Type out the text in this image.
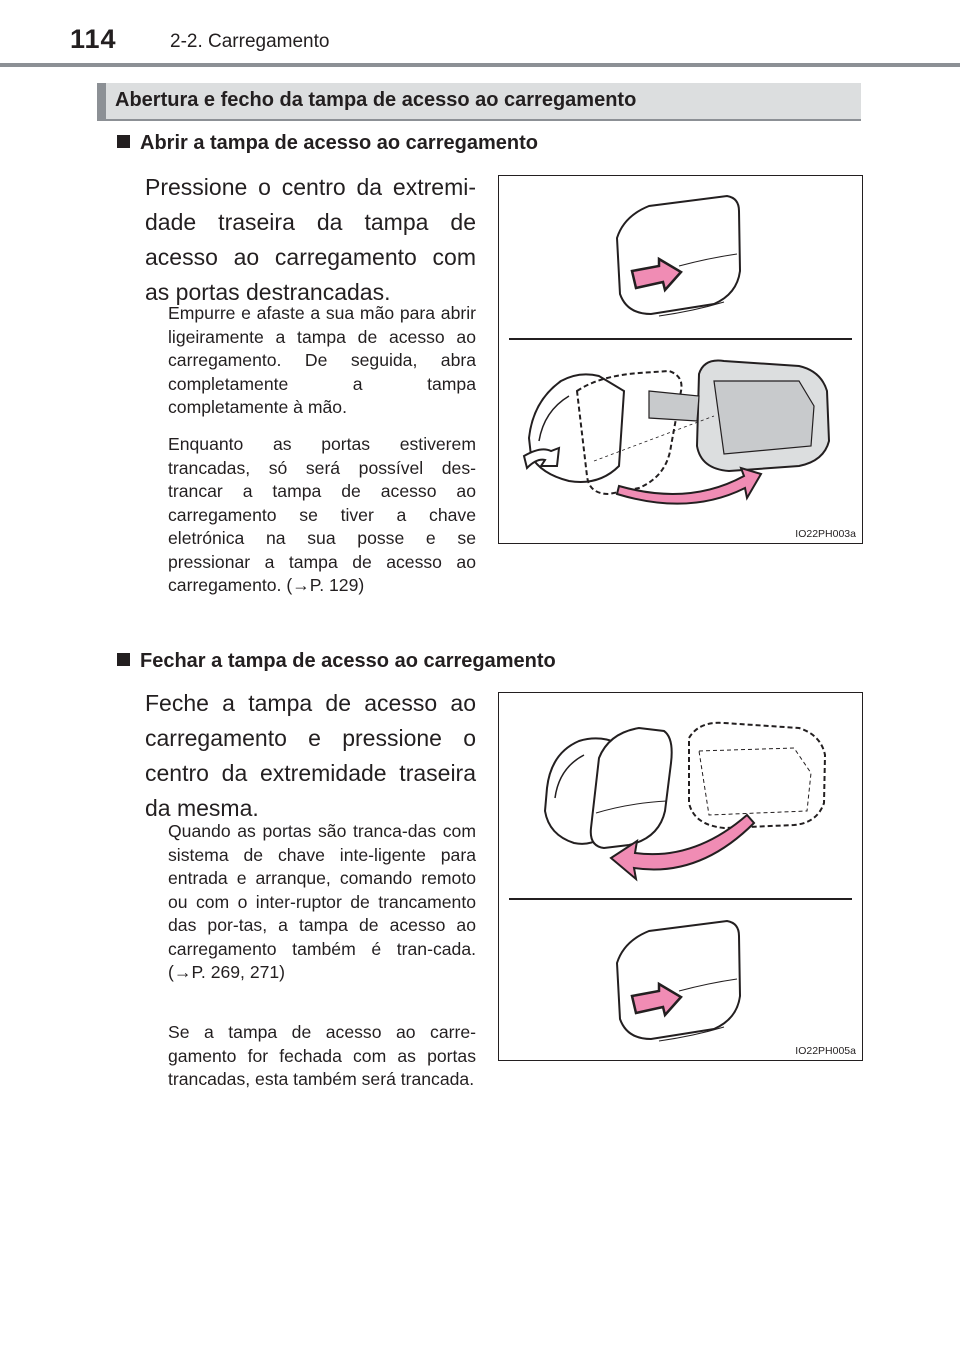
114	2-2. Carregamento
Abertura e fecho da tampa de acesso ao carregamento
Abrir a tampa de acesso ao carregamento
Pressione o centro da extremi-dade traseira da tampa de acesso ao carregamento com as portas destrancadas.
Empurre e afaste a sua mão para abrir ligeiramente a tampa de acesso ao carregamento. De seguida, abra completamente a tampa completamente à mão.
Enquanto as portas estiverem trancadas, só será possível des-trancar a tampa de acesso ao carregamento se tiver a chave eletrónica na sua posse e se pressionar a tampa de acesso ao carregamento. (→P. 129)
IO22PH003a
Fechar a tampa de acesso ao carregamento
Feche a tampa de acesso ao carregamento e pressione o centro da extremidade traseira da mesma.
Quando as portas são tranca-das com sistema de chave inte-ligente para entrada e arranque, comando remoto ou com o inter-ruptor de trancamento das por-tas, a tampa de acesso ao carregamento também é tran-cada. (→P. 269, 271)
Se a tampa de acesso ao carre-gamento for fechada com as portas trancadas, esta também será trancada.
IO22PH005a
